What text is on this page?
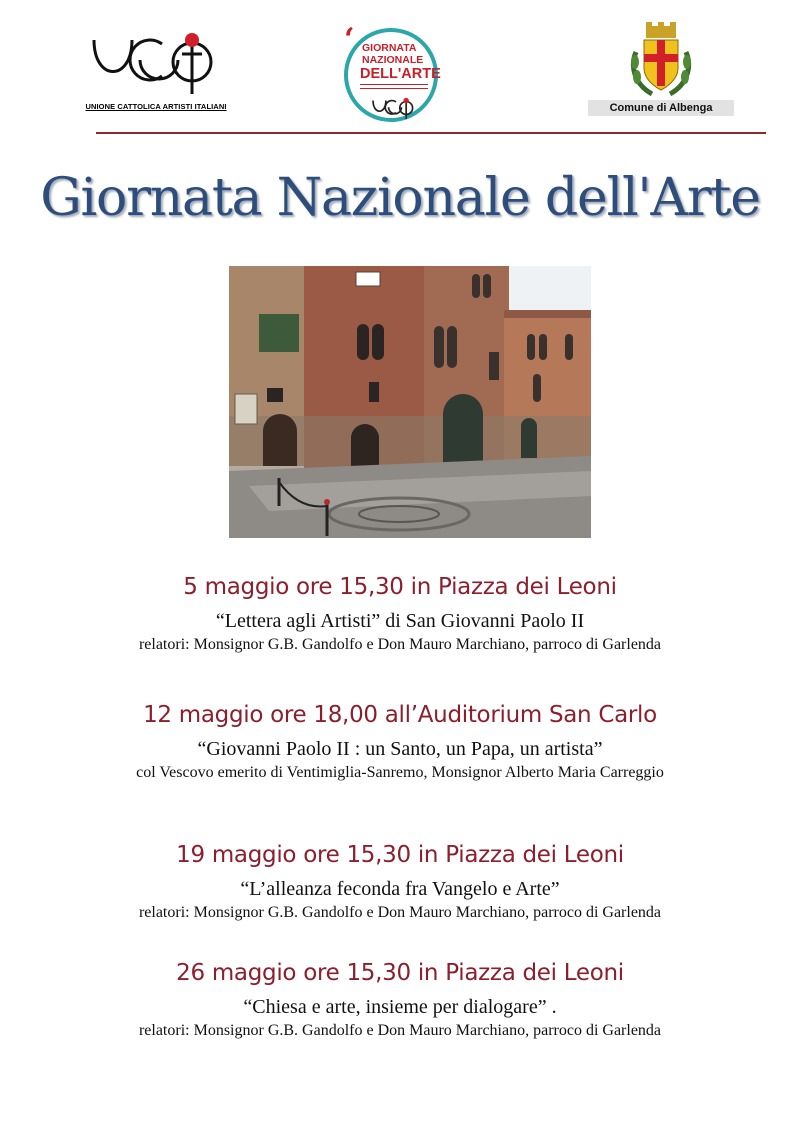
UNIONE CATTOLICA ARTISTI ITALIANI
‘ GIORNATA
NAZIONALE
DELL'ARTE
Comune di Albenga
Giornata Nazionale dell'Arte
5 maggio ore 15,30 in Piazza dei Leoni
“Lettera agli Artisti” di San Giovanni Paolo II
relatori: Monsignor G.B. Gandolfo e Don Mauro Marchiano, parroco di Garlenda
12 maggio ore 18,00 all’Auditorium San Carlo
“Giovanni Paolo II : un Santo, un Papa, un artista”
col Vescovo emerito di Ventimiglia-Sanremo, Monsignor Alberto Maria Carreggio
19 maggio ore 15,30 in Piazza dei Leoni
“L’alleanza feconda fra Vangelo e Arte”
relatori: Monsignor G.B. Gandolfo e Don Mauro Marchiano, parroco di Garlenda
26 maggio ore 15,30 in Piazza dei Leoni
“Chiesa e arte, insieme per dialogare” .
relatori: Monsignor G.B. Gandolfo e Don Mauro Marchiano, parroco di Garlenda
